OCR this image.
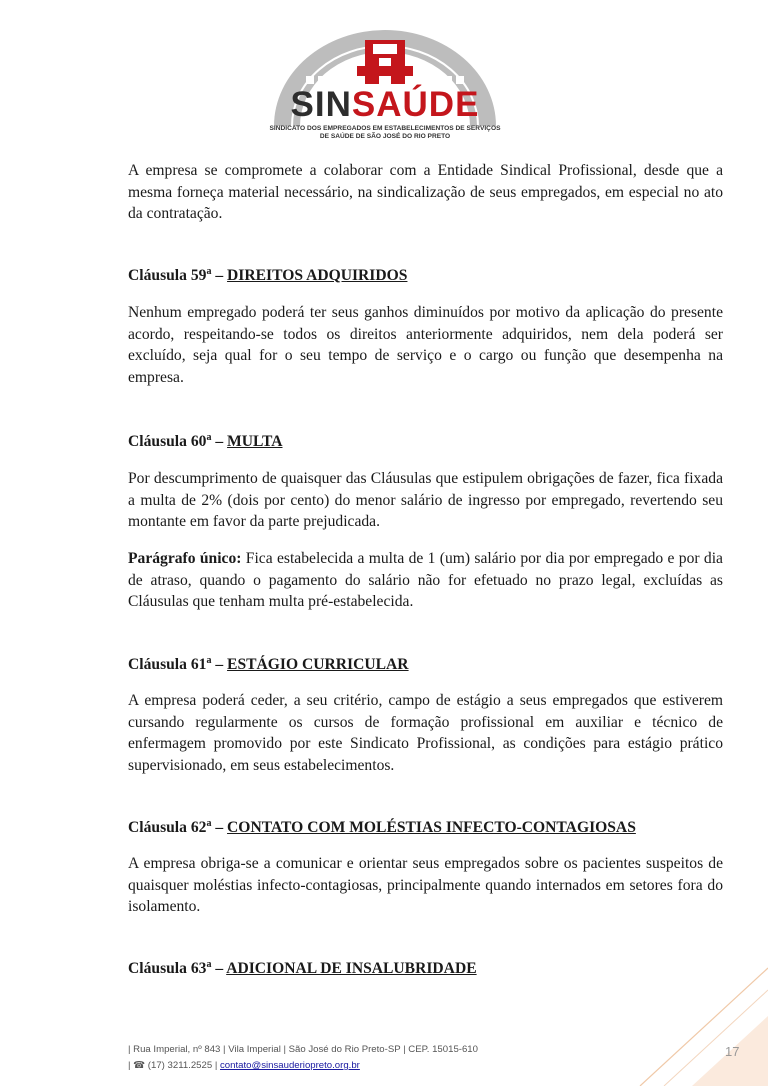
SINSAÚDE
SINDICATO DOS EMPREGADOS EM ESTABELECIMENTOS DE SERVIÇOS
DE SAÚDE DE SÃO JOSÉ DO RIO PRETO

A empresa se compromete a colaborar com a Entidade Sindical Profissional, desde que a mesma forneça material necessário, na sindicalização de seus empregados, em especial no ato da contratação.

Cláusula 59$^a$ – DIREITOS ADQUIRIDOS

Nenhum empregado poderá ter seus ganhos diminuídos por motivo da aplicação do presente acordo, respeitando-se todos os direitos anteriormente adquiridos, nem dela poderá ser excluído, seja qual for o seu tempo de serviço e o cargo ou função que desempenha na empresa.

Cláusula 60$^a$ – MULTA

Por descumprimento de quaisquer das Cláusulas que estipulem obrigações de fazer, fica fixada a multa de 2% (dois por cento) do menor salário de ingresso por empregado, revertendo seu montante em favor da parte prejudicada.

Parágrafo único: Fica estabelecida a multa de 1 (um) salário por dia por empregado e por dia de atraso, quando o pagamento do salário não for efetuado no prazo legal, excluídas as Cláusulas que tenham multa pré-estabelecida.

Cláusula 61$^a$ – ESTÁGIO CURRICULAR

A empresa poderá ceder, a seu critério, campo de estágio a seus empregados que estiverem cursando regularmente os cursos de formação profissional em auxiliar e técnico de enfermagem promovido por este Sindicato Profissional, as condições para estágio prático supervisionado, em seus estabelecimentos.

Cláusula 62$^a$ – CONTATO COM MOLÉSTIAS INFECTO-CONTAGIOSAS

A empresa obriga-se a comunicar e orientar seus empregados sobre os pacientes suspeitos de quaisquer moléstias infecto-contagiosas, principalmente quando internados em setores fora do isolamento.

Cláusula 63$^a$ – ADICIONAL DE INSALUBRIDADE
| Rua Imperial, nº 843 | Vila Imperial | São José do Rio Preto-SP | CEP. 15015-610
| ☎ (17) 3211.2525 | contato@sinsauderiopreto.org.br
17
